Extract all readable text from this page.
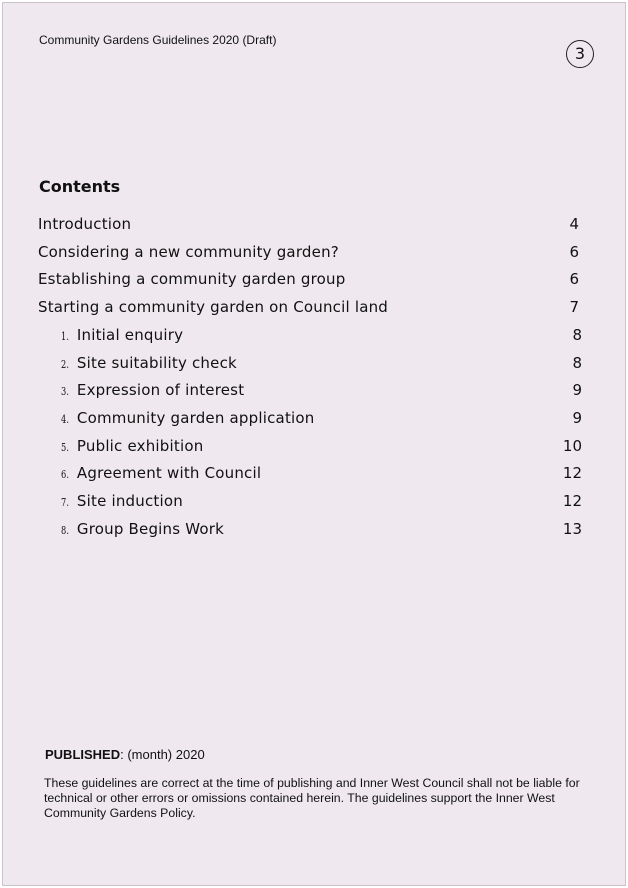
Community Gardens Guidelines 2020 (Draft)
3
Contents
Introduction	4
Considering a new community garden?	6
Establishing a community garden group	6
Starting a community garden on Council land	7
1. Initial enquiry	8
2. Site suitability check	8
3. Expression of interest	9
4. Community garden application	9
5. Public exhibition	10
6. Agreement with Council	12
7. Site induction	12
8. Group Begins Work	13
PUBLISHED: (month) 2020
These guidelines are correct at the time of publishing and Inner West Council shall not be liable for technical or other errors or omissions contained herein. The guidelines support the Inner West Community Gardens Policy.
